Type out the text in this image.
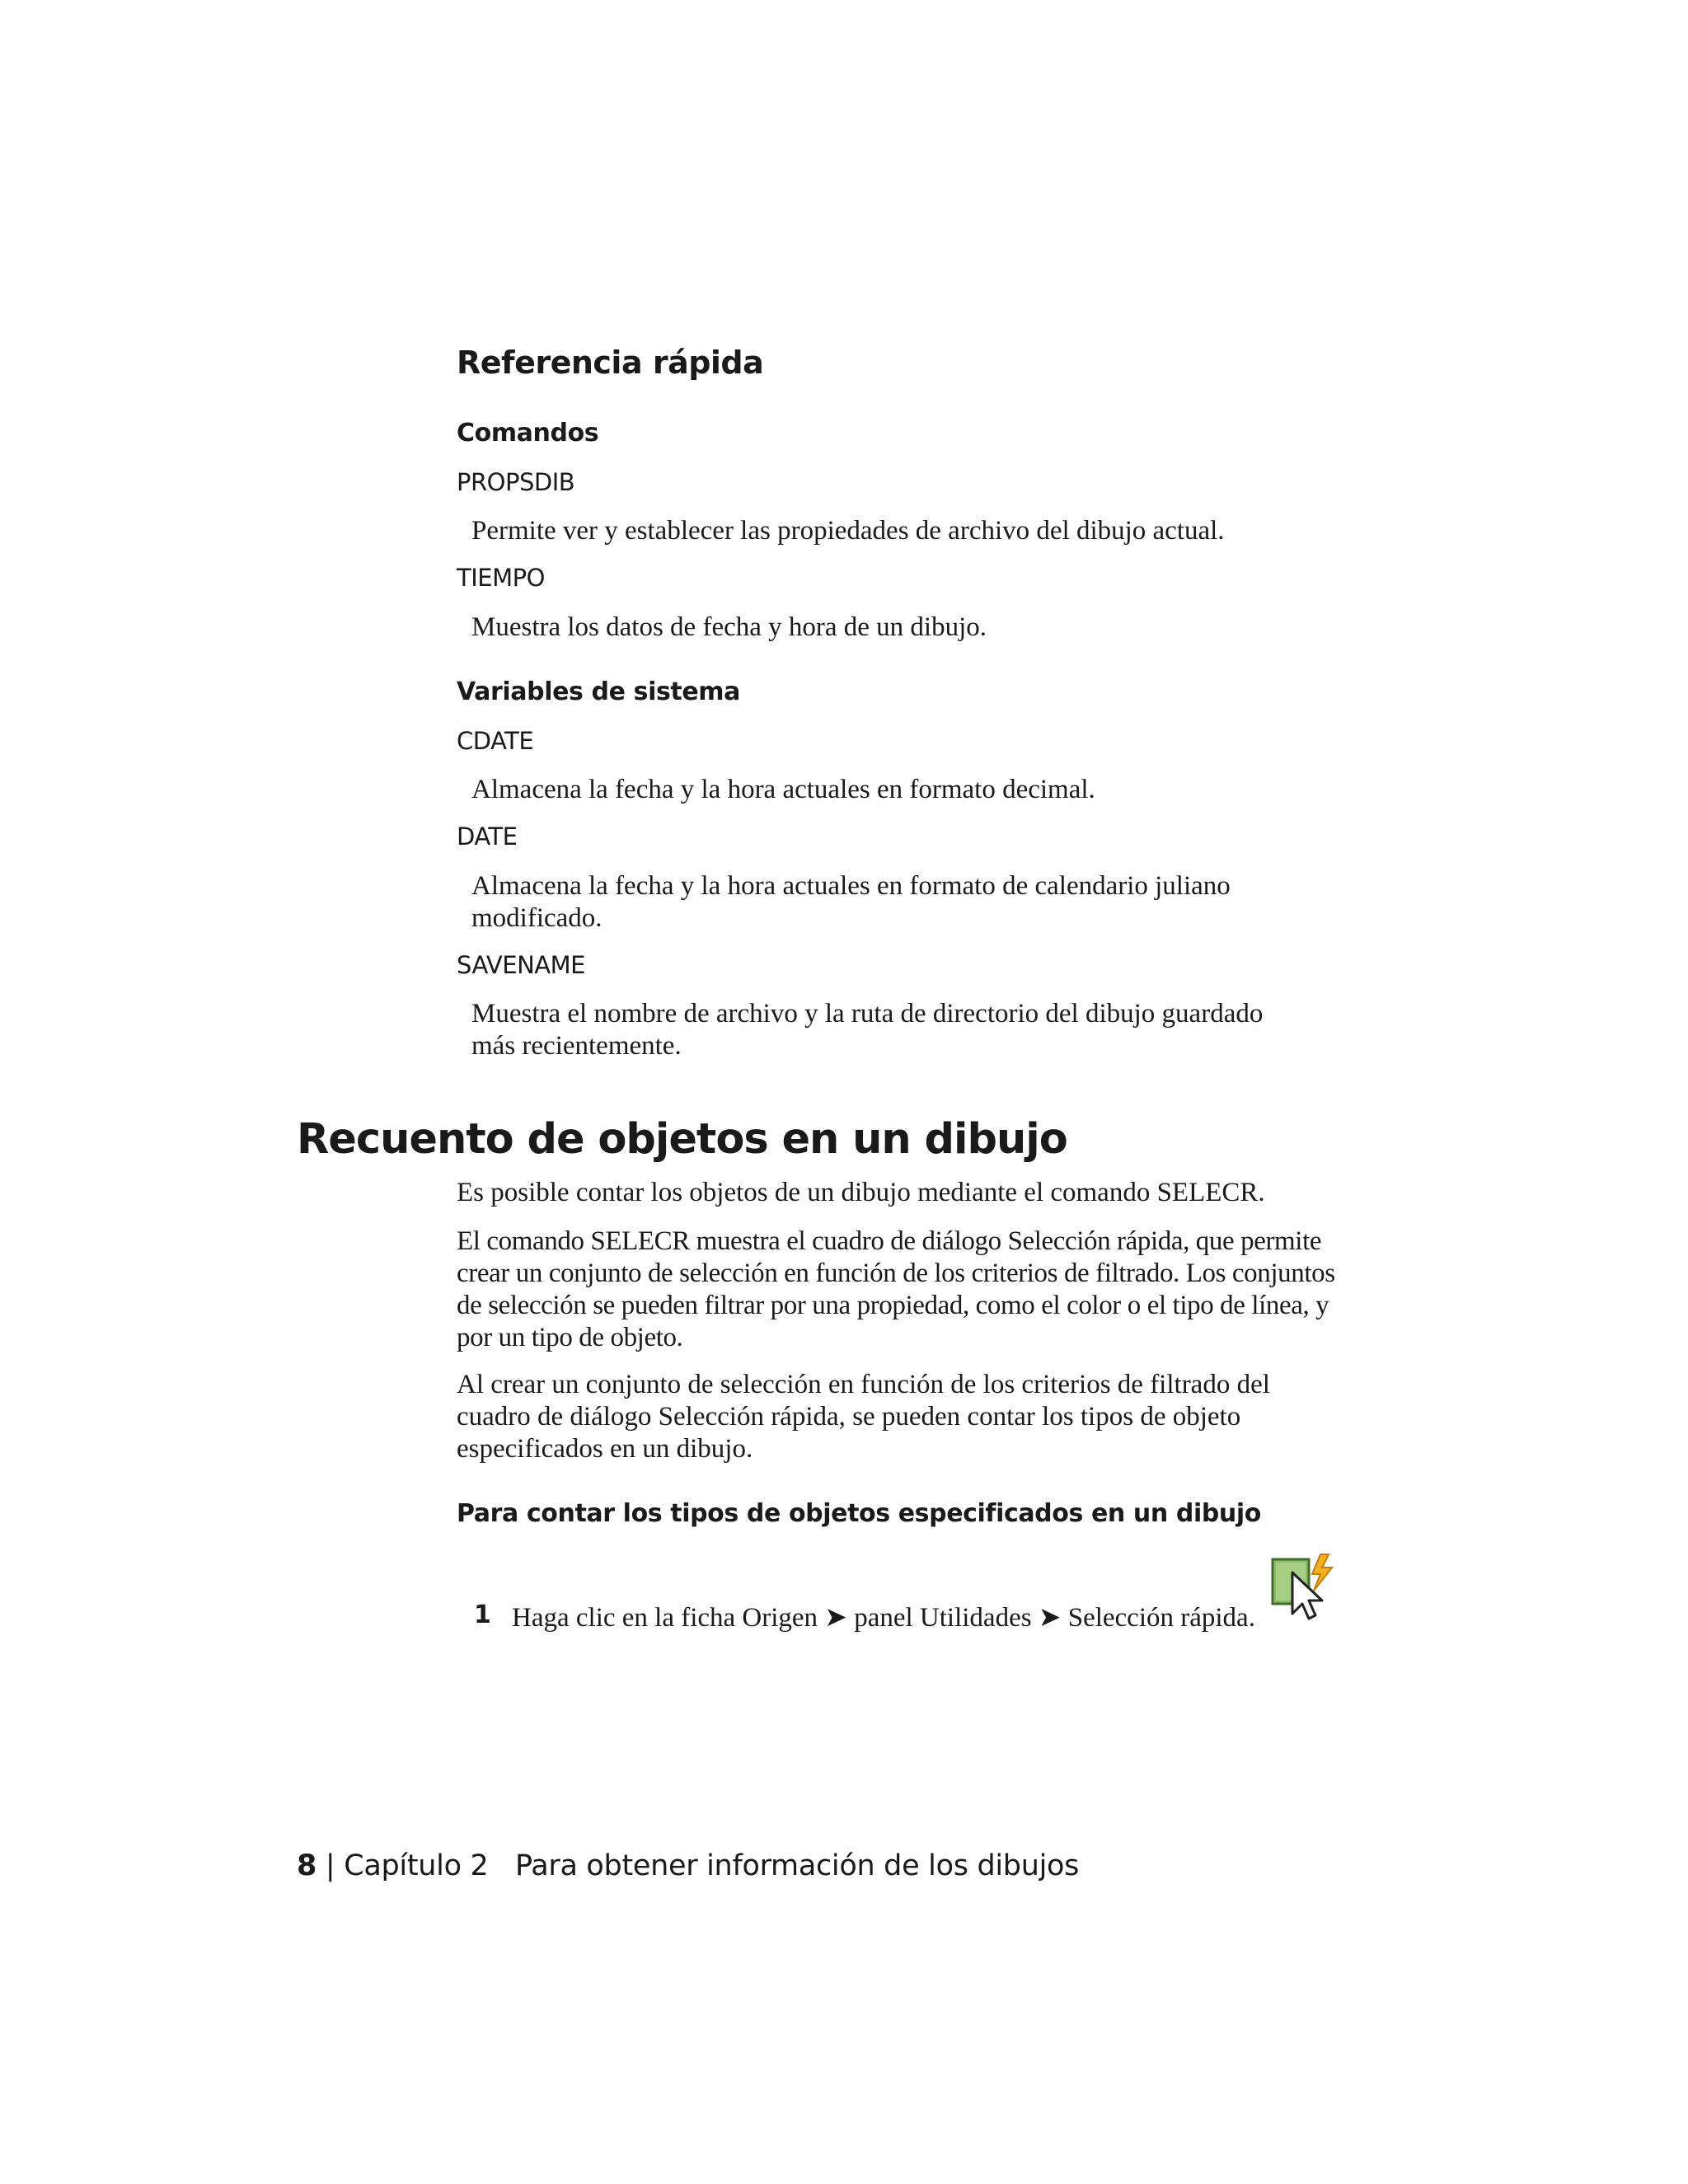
Referencia rápida
Comandos
PROPSDIB
Permite ver y establecer las propiedades de archivo del dibujo actual.
TIEMPO
Muestra los datos de fecha y hora de un dibujo.
Variables de sistema
CDATE
Almacena la fecha y la hora actuales en formato decimal.
DATE
Almacena la fecha y la hora actuales en formato de calendario juliano
modificado.
SAVENAME
Muestra el nombre de archivo y la ruta de directorio del dibujo guardado
más recientemente.
Recuento de objetos en un dibujo
Es posible contar los objetos de un dibujo mediante el comando SELECR.
El comando SELECR muestra el cuadro de diálogo Selección rápida, que permite crear un conjunto de selección en función de los criterios de filtrado. Los conjuntos de selección se pueden filtrar por una propiedad, como el color o el tipo de línea, y por un tipo de objeto.
Al crear un conjunto de selección en función de los criterios de filtrado del cuadro de diálogo Selección rápida, se pueden contar los tipos de objeto especificados en un dibujo.
Para contar los tipos de objetos especificados en un dibujo
1 Haga clic en la ficha Origen ➤ panel Utilidades ➤ Selección rápida.
8 | Capítulo 2 Para obtener información de los dibujos
